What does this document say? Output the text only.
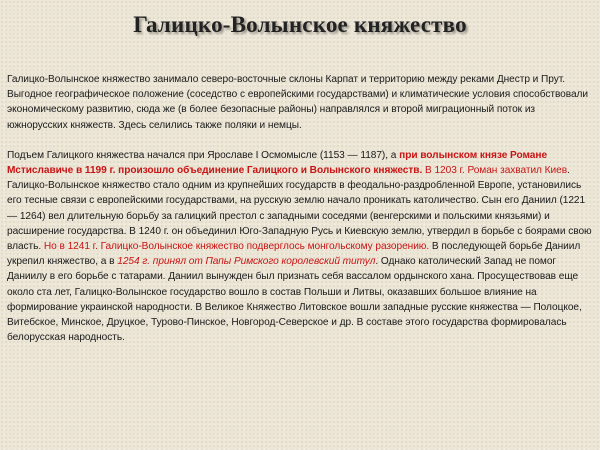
Галицко-Волынское княжество

Галицко-Волынское княжество занимало северо-восточные склоны Карпат и территорию между реками Днестр и Прут. Выгодное географическое положение (соседство с европейскими государствами) и климатические условия способствовали экономическому развитию, сюда же (в более безопасные районы) направлялся и второй миграционный поток из южнорусских княжеств. Здесь селились также поляки и немцы.

Подъем Галицкого княжества начался при Ярославе I Осмомысле (1153 — 1187), а при волынском князе Романе Мстиславиче в 1199 г. произошло объединение Галицкого и Волынского княжеств. В 1203 г. Роман захватил Киев. Галицко-Волынское княжество стало одним из крупнейших государств в феодально-раздробленной Европе, установились его тесные связи с европейскими государствами, на русскую землю начало проникать католичество. Сын его Даниил (1221 — 1264) вел длительную борьбу за галицкий престол с западными соседями (венгерскими и польскими князьями) и расширение государства. В 1240 г. он объединил Юго-Западную Русь и Киевскую землю, утвердил в борьбе с боярами свою власть. Но в 1241 г. Галицко-Волынское княжество подверглось монгольскому разорению. В последующей борьбе Даниил укрепил княжество, а в 1254 г. принял от Папы Римского королевский титул. Однако католический Запад не помог Даниилу в его борьбе с татарами. Даниил вынужден был признать себя вассалом ордынского хана. Просуществовав еще около ста лет, Галицко-Волынское государство вошло в состав Польши и Литвы, оказавших большое влияние на формирование украинской народности. В Великое Княжество Литовское вошли западные русские княжества — Полоцкое, Витебское, Минское, Друцкое, Турово-Пинское, Новгород-Северское и др. В составе этого государства формировалась белорусская народность.
